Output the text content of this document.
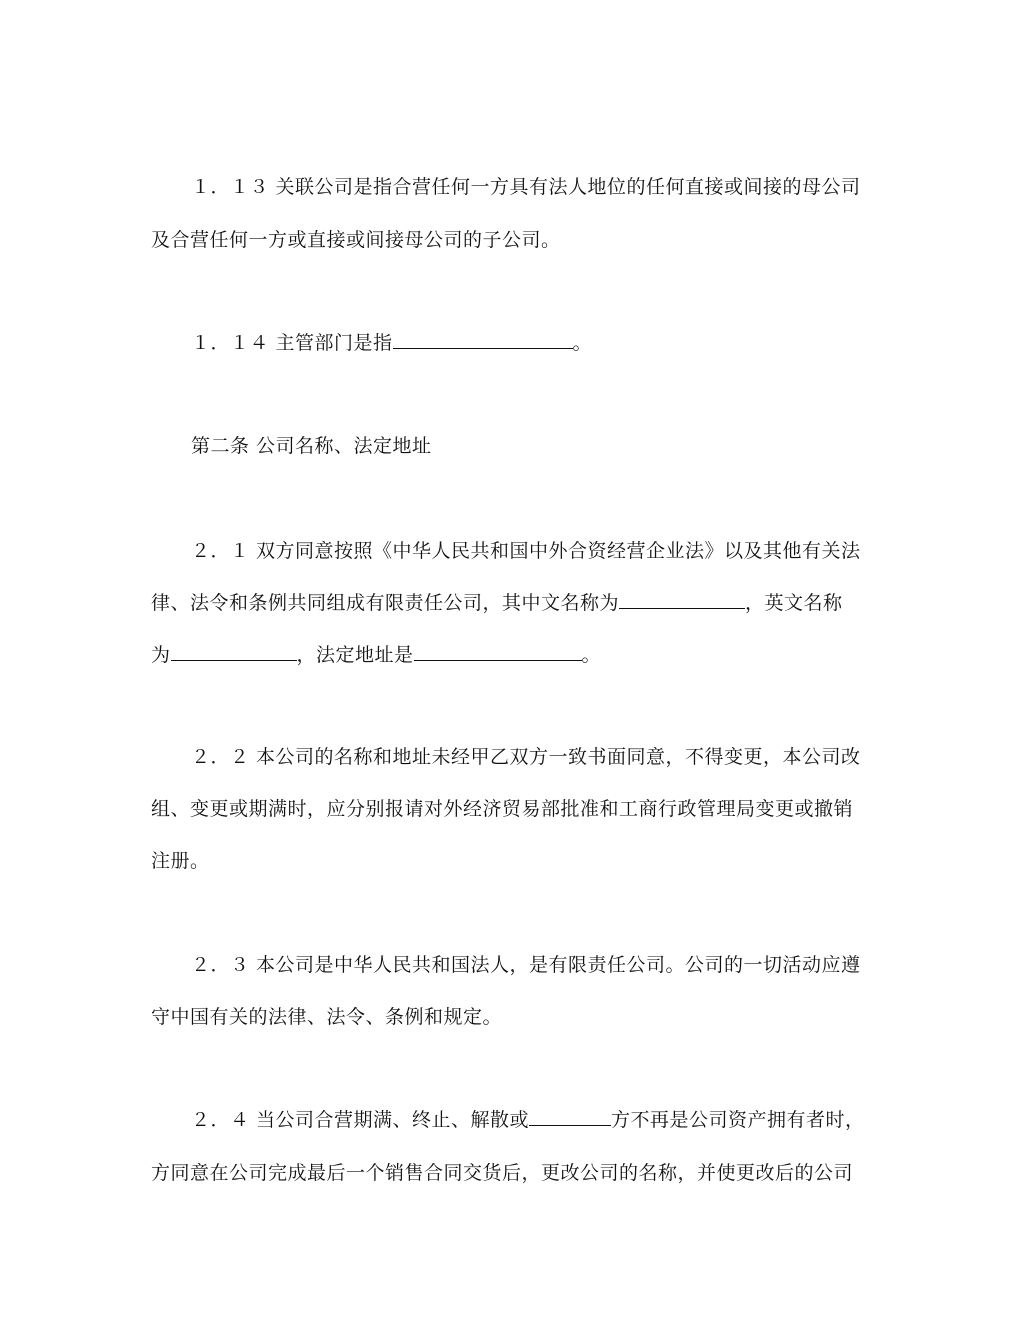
１．１３ 关联公司是指合营任何一方具有法人地位的任何直接或间接的母公司
及合营任何一方或直接或间接母公司的子公司。
１．１４ 主管部门是指	。
第二条 公司名称、法定地址
２．１ 双方同意按照《中华人民共和国中外合资经营企业法》以及其他有关法
律、法令和条例共同组成有限责任公司，其中文名称为	，英文名称
为	，法定地址是	。
２．２ 本公司的名称和地址未经甲乙双方一致书面同意，不得变更，本公司改
组、变更或期满时，应分别报请对外经济贸易部批准和工商行政管理局变更或撤销
注册。
２．３ 本公司是中华人民共和国法人，是有限责任公司。公司的一切活动应遵
守中国有关的法律、法令、条例和规定。
２．４ 当公司合营期满、终止、解散或	方不再是公司资产拥有者时，
方同意在公司完成最后一个销售合同交货后，更改公司的名称，并使更改后的公司
